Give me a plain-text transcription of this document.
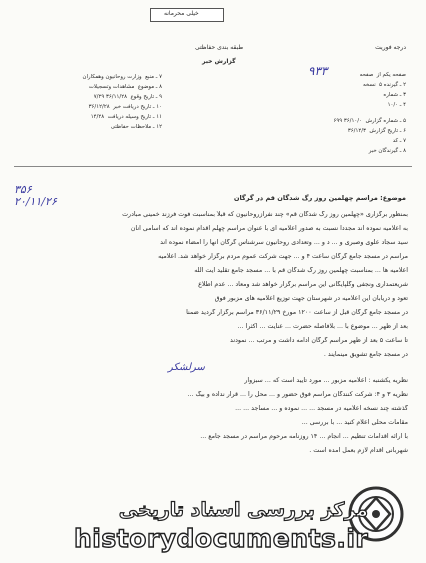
خیلی محرمانه
درجه فوریت
طبقه بندی حفاظتی
گزارش خبر
۹۳۳
۷ ـ منبع  وزارت روحانیون وهمکاران
۸ ـ موضوع  مشاهدات وتسجیلات
۹ ـ تاریخ وقوع  ۳۶/۱۱/۲۸ ۷/۲۹
۱۰ ـ تاریخ دریافت خبر  ۳۶/۱۲/۲۸
۱۱ ـ تاریخ وسیله دریافت  ۱۴/۲۸
۱۲ ـ ملاحظات حفاظتی
صفحه یکم از  صفحه
۲ ـ گیرنده ۵  نسخه
۳ ـ شماره
۴ ـ ۱۰/۰
۵ ـ شماره گزارش  ۳۶/۱۰/۰ ۶۹۹
۶ ـ تاریخ گزارش  ۳۶/۱۲/۳
۷ ـ کد
۸ ـ گیرندگان خبر
۳۵۶
۲۰/۱۱/۲۶	موضوع: مراسم چهلمین روز رگ شدگان قم در گرگان
بمنظور برگزاری «چهلمین روز رگ شدگان قم» چند نفرازروحانیون که قبلاً بمناسبت فوت فرزند خمینی مبادرت
به اعلامیه نموده اند مجدداً نسبت به صدور اعلامیه ای با عنوان مراسم چهلم اقدام نموده اند که اسامی آنان
سید سجاد علوی وصبری و ... د و ... وتعدادی روحانیون سرشناس گرگان آنها را امضاء نموده اند
مراسم در مسجد جامع گرگان ساعت ۴ و ... جهت شرکت عموم مردم برگزار خواهد شد. اعلامیه
اعلامیه ها ... بمناسبت چهلمین روز رگ شدگان قم با ... مسجد جامع تقلید آیت الله
شریعتمداری ونجفی وگلپایگانی این مراسم برگزار خواهد شد ومعاد ... عدم اطلاع
تعود و دریابان این اعلامیه در شهرستان جهت توزیع اعلامیه های مزبور فوق
در مسجد جامع گرگان قبل از ساعت ۱۲۰۰ مورخ ۳۶/۱۱/۲۹ مراسم برگزار گردید ضمناً
بعد از ظهر ... موضوع با ... بلافاصله حضرت ... عنایت ... اکثراً ...
تا ساعت ۵ بعد از ظهر مراسم گرگان ادامه داشت و مرتب ... نمودند
در مسجد جامع تشویق مینمایند .
سرلشکر
نظریه یکشنبه : اعلامیه مزبور ... مورد تأیید است که ... سبزوار
نظریه ۳ و ۴: شرکت کنندگان مراسم فوق حضور و ... محل را ... قرار نداده و بیگ ...
گذشته چند نسخه اعلامیه در مسجد ... ... نموده و ... مساجد ... ...
مقامات محلی اعلام کنید ... با بررسی ...
با ارائه اقدامات تنظیم ... انجام ... ۱۴ روزنامه مرحوم مراسم در مسجد جامع ...
شهربانی اقدام لازم بعمل آمده است .
مرکز بررسی اسناد تاریخی
historydocuments.ir
